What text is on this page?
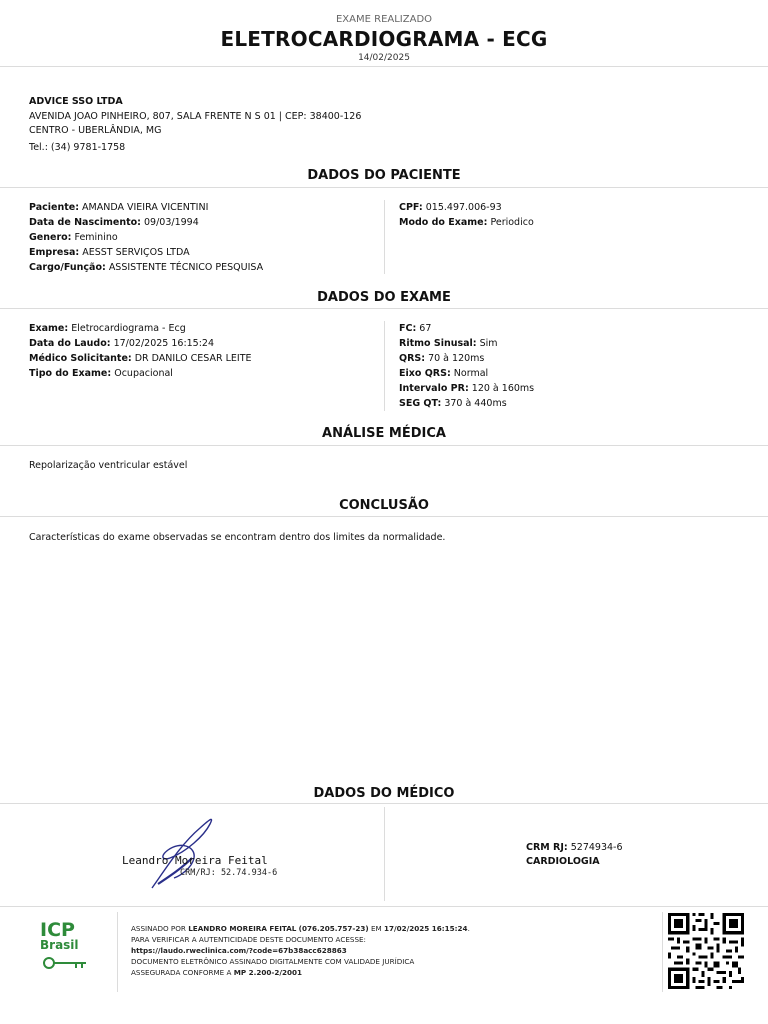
EXAME REALIZADO
ELETROCARDIOGRAMA - ECG
14/02/2025
ADVICE SSO LTDA
AVENIDA JOAO PINHEIRO, 807, SALA FRENTE N S 01 | CEP: 38400-126
CENTRO - UBERLÂNDIA, MG
Tel.: (34) 9781-1758
DADOS DO PACIENTE
Paciente: AMANDA VIEIRA VICENTINI
Data de Nascimento: 09/03/1994
Genero: Feminino
Empresa: AESST SERVIÇOS LTDA
Cargo/Função: ASSISTENTE TÉCNICO PESQUISA
CPF: 015.497.006-93
Modo do Exame: Periodico
DADOS DO EXAME
Exame: Eletrocardiograma - Ecg
Data do Laudo: 17/02/2025 16:15:24
Médico Solicitante: DR DANILO CESAR LEITE
Tipo do Exame: Ocupacional
FC: 67
Ritmo Sinusal: Sim
QRS: 70 à 120ms
Eixo QRS: Normal
Intervalo PR: 120 à 160ms
SEG QT: 370 à 440ms
ANÁLISE MÉDICA
Repolarização ventricular estável
CONCLUSÃO
Características do exame observadas se encontram dentro dos limites da normalidade.
DADOS DO MÉDICO
Leandro Moreira Feital
CRM/RJ: 52.74.934-6
CRM RJ: 5274934-6
CARDIOLOGIA
ICP
Brasil
ASSINADO POR LEANDRO MOREIRA FEITAL (076.205.757-23) EM 17/02/2025 16:15:24.
PARA VERIFICAR A AUTENTICIDADE DESTE DOCUMENTO ACESSE:
https://laudo.rweclinica.com/?code=67b38acc628863
DOCUMENTO ELETRÔNICO ASSINADO DIGITALMENTE COM VALIDADE JURÍDICA
ASSEGURADA CONFORME A MP 2.200-2/2001
